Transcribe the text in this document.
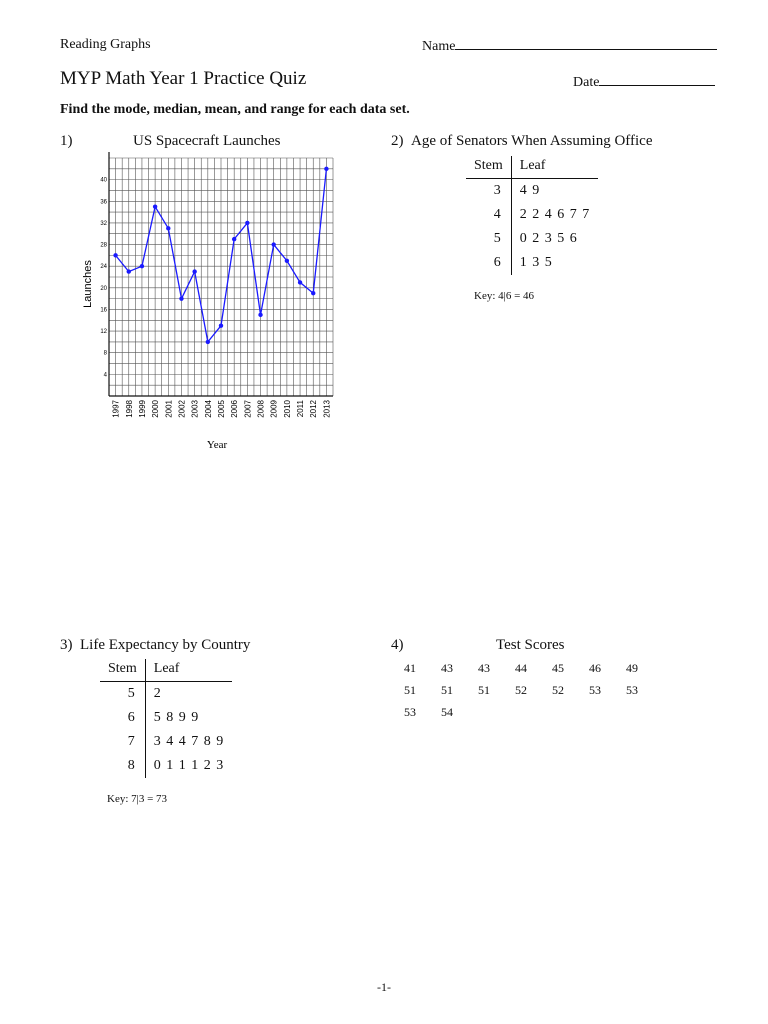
Reading Graphs	Name
MYP Math Year 1 Practice Quiz	Date
Find the mode, median, mean, and range for each data set.
1)	US Spacecraft Launches
4
8
12
16
20
24
28
32
36
40
1997 1998 1999 2000 2001 2002 2003 2004 2005 2006 2007 2008 2009 2010 2011 2012 2013
Launches
Year
2) Age of Senators When Assuming Office
Stem	Leaf
3	4 9
4	2 2 4 6 7 7
5	0 2 3 5 6
6	1 3 5
Key: 4|6 = 46
3) Life Expectancy by Country
Stem	Leaf
5	2
6	5 8 9 9
7	3 4 4 7 8 9
8	0 1 1 1 2 3
Key: 7|3 = 73
4)	Test Scores
41	43	43	44	45	46	49
51	51	51	52	52	53	53
53	54
-1-
